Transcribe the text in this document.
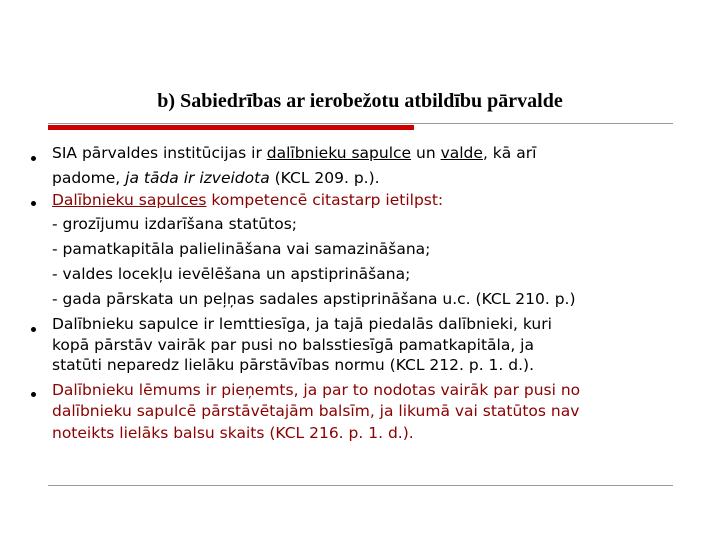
b) Sabiedrības ar ierobežotu atbildību pārvalde
SIA pārvaldes institūcijas ir dalībnieku sapulce un valde, kā arī
padome, ja tāda ir izveidota (KCL 209. p.).
Dalībnieku sapulces kompetencē citastarp ietilpst:
- grozījumu izdarīšana statūtos;
- pamatkapitāla palielināšana vai samazināšana;
- valdes locekļu ievēlēšana un apstiprināšana;
- gada pārskata un peļņas sadales apstiprināšana u.c. (KCL 210. p.)
Dalībnieku sapulce ir lemttiesīga, ja tajā piedalās dalībnieki, kuri
kopā pārstāv vairāk par pusi no balsstiesīgā pamatkapitāla, ja
statūti neparedz lielāku pārstāvības normu (KCL 212. p. 1. d.).
Dalībnieku lēmums ir pieņemts, ja par to nodotas vairāk par pusi no
dalībnieku sapulcē pārstāvētajām balsīm, ja likumā vai statūtos nav
noteikts lielāks balsu skaits (KCL 216. p. 1. d.).
